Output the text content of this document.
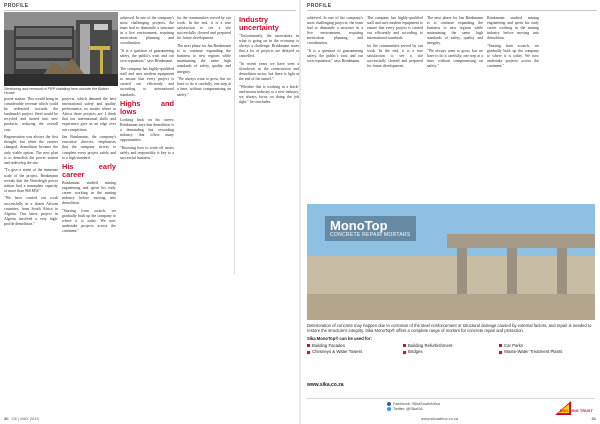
PROFILE
Sectioning and removal of FRP cladding from outside the Bolton House

power station. This would bring in considerable revenue which could be redirected towards the landmark's project. Steel would be recycled and turned into new products, reducing the overall cost.

Regeneration was always the first thought, but when the owners changed, demolition became the only viable option. The new plan is to demolish the power station and redevelop the site.

"To give a sense of the immense scale of the project, Brinkmann reveals that the Waterleigh power station had a nameplate capacity of more than 960 MW."

"We have carried out work successfully in a dozen African countries, from South Africa to Algeria. Our latest project in Algeria involved a very high-profile demolition."

projects, which demand the best international safety and quality performance, no matter where in Africa those projects are. I think that our international skills and experience give us an edge over our competitors.

Jan Brinkmann, the company's executive director, emphasises that the company strives to complete every project safely and to a high standard.

His early career

Brinkmann studied mining engineering and spent his early career working in the mining industry before moving into demolition.

"Starting from scratch, we gradually built up the company to where it is today. We now undertake projects across the continent."

achieved. In one of the company's most challenging projects, the team had to dismantle a structure in a live environment, requiring meticulous planning and coordination.

"It is a question of guaranteeing safety, the public's trust and our own reputation," says Brinkmann.

The company has highly-qualified staff and uses modern equipment to ensure that every project is carried out efficiently and according to international standards.

Highs and lows

Looking back on his career, Brinkmann says that demolition is a demanding but rewarding industry that offers many opportunities.

"Knowing how to write off assets safely and responsibly is key to a successful business."

for the communities served by our work. In the end, it is a true satisfaction to see a site successfully cleared and prepared for future development.

The next phase for Jan Brinkmann is to continue expanding the business to new regions while maintaining the same high standards of safety, quality and integrity.

"We always want to grow, but we have to do it carefully, one step at a time, without compromising on safety."

Industry uncertainty

"Unfortunately, the uncertainty in what is going on in the economy is always a challenge. Brinkmann notes that a lot of projects are delayed or cancelled.

"In recent years we have seen a slowdown in the construction and demolition sector, but there is light at the end of the tunnel."

"Whether this is working in a brick-and-mortar industry or a new industry, we always focus on doing the job right," he concludes.

30 CE | MAY 2019
PROFILE

achieved. In one of the company's most challenging projects, the team had to dismantle a structure in a live environment, requiring meticulous planning and coordination.

"It is a question of guaranteeing safety, the public's trust and our own reputation," says Brinkmann.

The company has highly-qualified staff and uses modern equipment to ensure that every project is carried out efficiently and according to international standards.

for the communities served by our work. In the end, it is a true satisfaction to see a site successfully cleared and prepared for future development.

The next phase for Jan Brinkmann is to continue expanding the business to new regions while maintaining the same high standards of safety, quality and integrity.

"We always want to grow, but we have to do it carefully, one step at a time, without compromising on safety."

Brinkmann studied mining engineering and spent his early career working in the mining industry before moving into demolition.

"Starting from scratch, we gradually built up the company to where it is today. We now undertake projects across the continent."

MonoTop
CONCRETE REPAIR MORTARS

Deterioration of concrete may happen due to corrosion of the steel reinforcement or structural damage caused by external factors, and repair is needed to restore the structure's integrity. Sika MonoTop® offers a complete range of mortars for concrete repair and protection.

Sika MonoTop® can be used for:

Building Facades	Building Refurbishment	Car Parks
Chimneys & Water Towers	Bridges	Waste-Water Treatment Plants
www.sika.co.za
Facebook: /SikaSouthAfrica
Twitter: @SikaSA
BUILDING TRUST
www.sikaafrica.co.za	31
